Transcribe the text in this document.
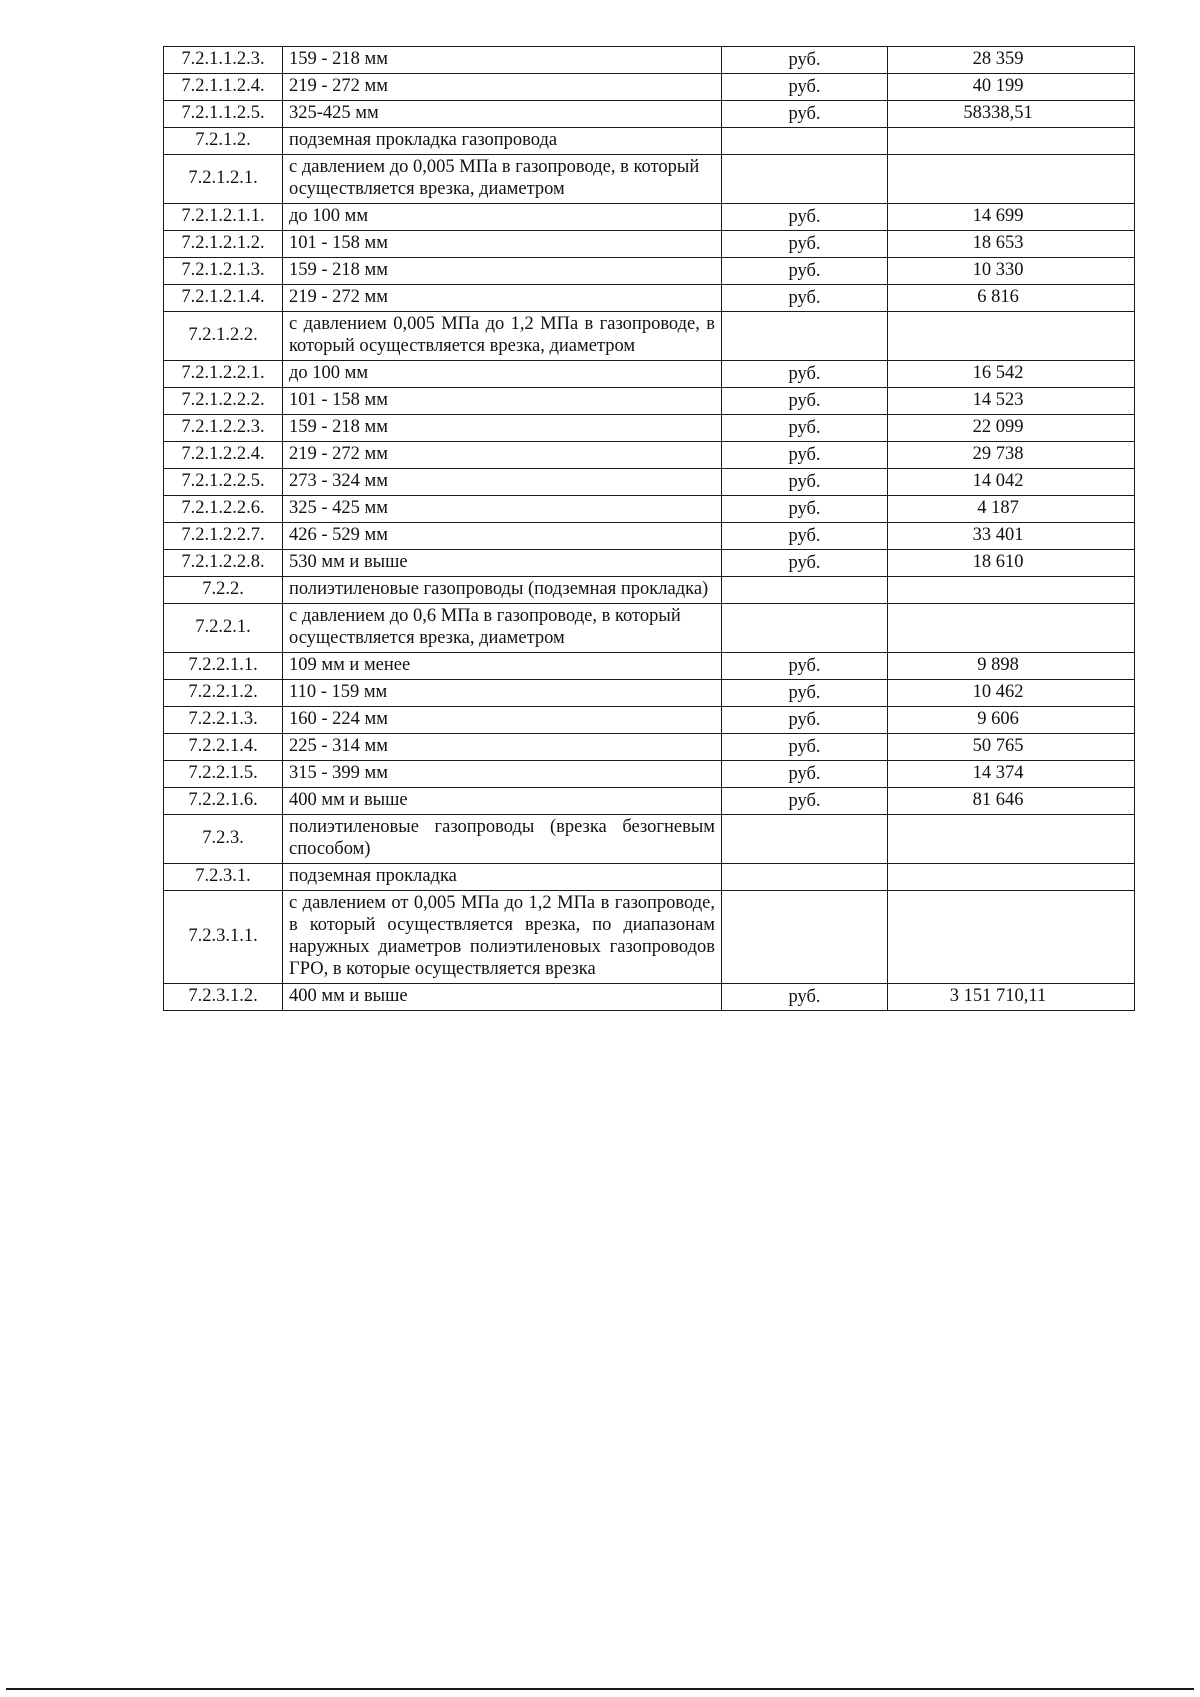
7.2.1.1.2.3.	159 - 218 мм	руб.	28 359
7.2.1.1.2.4.	219 - 272 мм	руб.	40 199
7.2.1.1.2.5.	325-425 мм	руб.	58338,51
7.2.1.2.	подземная прокладка газопровода		
7.2.1.2.1.	с давлением до 0,005 МПа в газопроводе, в который осуществляется врезка, диаметром		
7.2.1.2.1.1.	до 100 мм	руб.	14 699
7.2.1.2.1.2.	101 - 158 мм	руб.	18 653
7.2.1.2.1.3.	159 - 218 мм	руб.	10 330
7.2.1.2.1.4.	219 - 272 мм	руб.	6 816
7.2.1.2.2.	с давлением 0,005 МПа до 1,2 МПа в газопроводе, в который осуществляется врезка, диаметром		
7.2.1.2.2.1.	до 100 мм	руб.	16 542
7.2.1.2.2.2.	101 - 158 мм	руб.	14 523
7.2.1.2.2.3.	159 - 218 мм	руб.	22 099
7.2.1.2.2.4.	219 - 272 мм	руб.	29 738
7.2.1.2.2.5.	273 - 324 мм	руб.	14 042
7.2.1.2.2.6.	325 - 425 мм	руб.	4 187
7.2.1.2.2.7.	426 - 529 мм	руб.	33 401
7.2.1.2.2.8.	530 мм и выше	руб.	18 610
7.2.2.	полиэтиленовые газопроводы (подземная прокладка)		
7.2.2.1.	с давлением до 0,6 МПа в газопроводе, в который осуществляется врезка, диаметром		
7.2.2.1.1.	109 мм и менее	руб.	9 898
7.2.2.1.2.	110 - 159 мм	руб.	10 462
7.2.2.1.3.	160 - 224 мм	руб.	9 606
7.2.2.1.4.	225 - 314 мм	руб.	50 765
7.2.2.1.5.	315 - 399 мм	руб.	14 374
7.2.2.1.6.	400 мм и выше	руб.	81 646
7.2.3.	полиэтиленовые газопроводы (врезка безогневым способом)		
7.2.3.1.	подземная прокладка		
7.2.3.1.1.	с давлением от 0,005 МПа до 1,2 МПа в газопроводе, в который осуществляется врезка, по диапазонам наружных диаметров полиэтиленовых газопроводов ГРО, в которые осуществляется врезка		
7.2.3.1.2.	400 мм и выше	руб.	3 151 710,11
